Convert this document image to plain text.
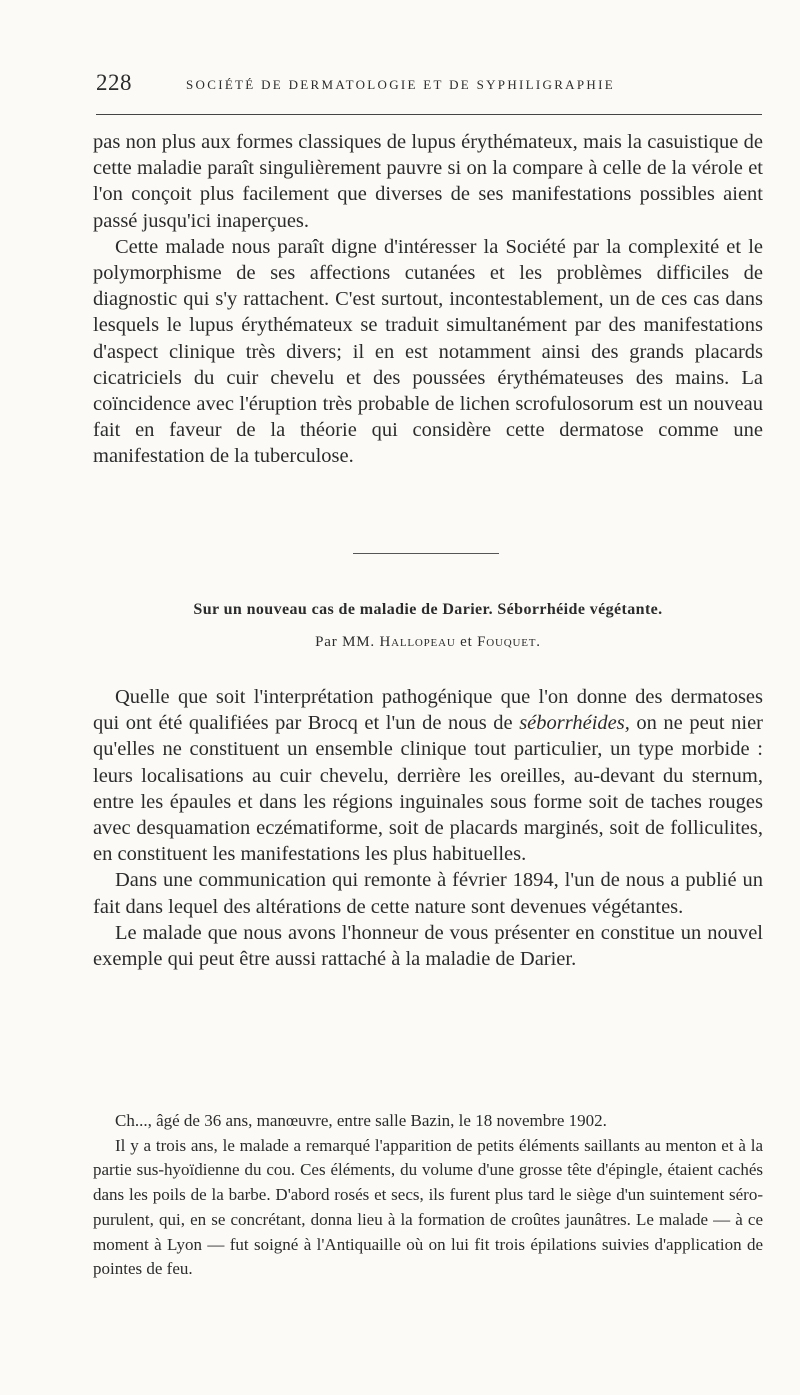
228	SOCIÉTÉ DE DERMATOLOGIE ET DE SYPHILIGRAPHIE

pas non plus aux formes classiques de lupus érythémateux, mais la casuistique de cette maladie paraît singulièrement pauvre si on la compare à celle de la vérole et l'on conçoit plus facilement que diverses de ses manifestations possibles aient passé jusqu'ici inaperçues.

Cette malade nous paraît digne d'intéresser la Société par la complexité et le polymorphisme de ses affections cutanées et les problèmes difficiles de diagnostic qui s'y rattachent. C'est surtout, incontestablement, un de ces cas dans lesquels le lupus érythémateux se traduit simultanément par des manifestations d'aspect clinique très divers; il en est notamment ainsi des grands placards cicatriciels du cuir chevelu et des poussées érythémateuses des mains. La coïncidence avec l'éruption très probable de lichen scrofulosorum est un nouveau fait en faveur de la théorie qui considère cette dermatose comme une manifestation de la tuberculose.

Sur un nouveau cas de maladie de Darier. Séborrhéide végétante.
Par MM. Hallopeau et Fouquet.

Quelle que soit l'interprétation pathogénique que l'on donne des dermatoses qui ont été qualifiées par Brocq et l'un de nous de séborrhéides, on ne peut nier qu'elles ne constituent un ensemble clinique tout particulier, un type morbide : leurs localisations au cuir chevelu, derrière les oreilles, au-devant du sternum, entre les épaules et dans les régions inguinales sous forme soit de taches rouges avec desquamation eczématiforme, soit de placards marginés, soit de folliculites, en constituent les manifestations les plus habituelles.

Dans une communication qui remonte à février 1894, l'un de nous a publié un fait dans lequel des altérations de cette nature sont devenues végétantes.

Le malade que nous avons l'honneur de vous présenter en constitue un nouvel exemple qui peut être aussi rattaché à la maladie de Darier.

Ch..., âgé de 36 ans, manœuvre, entre salle Bazin, le 18 novembre 1902.

Il y a trois ans, le malade a remarqué l'apparition de petits éléments saillants au menton et à la partie sus-hyoïdienne du cou. Ces éléments, du volume d'une grosse tête d'épingle, étaient cachés dans les poils de la barbe. D'abord rosés et secs, ils furent plus tard le siège d'un suintement séro-purulent, qui, en se concrétant, donna lieu à la formation de croûtes jaunâtres. Le malade — à ce moment à Lyon — fut soigné à l'Antiquaille où on lui fit trois épilations suivies d'application de pointes de feu.
